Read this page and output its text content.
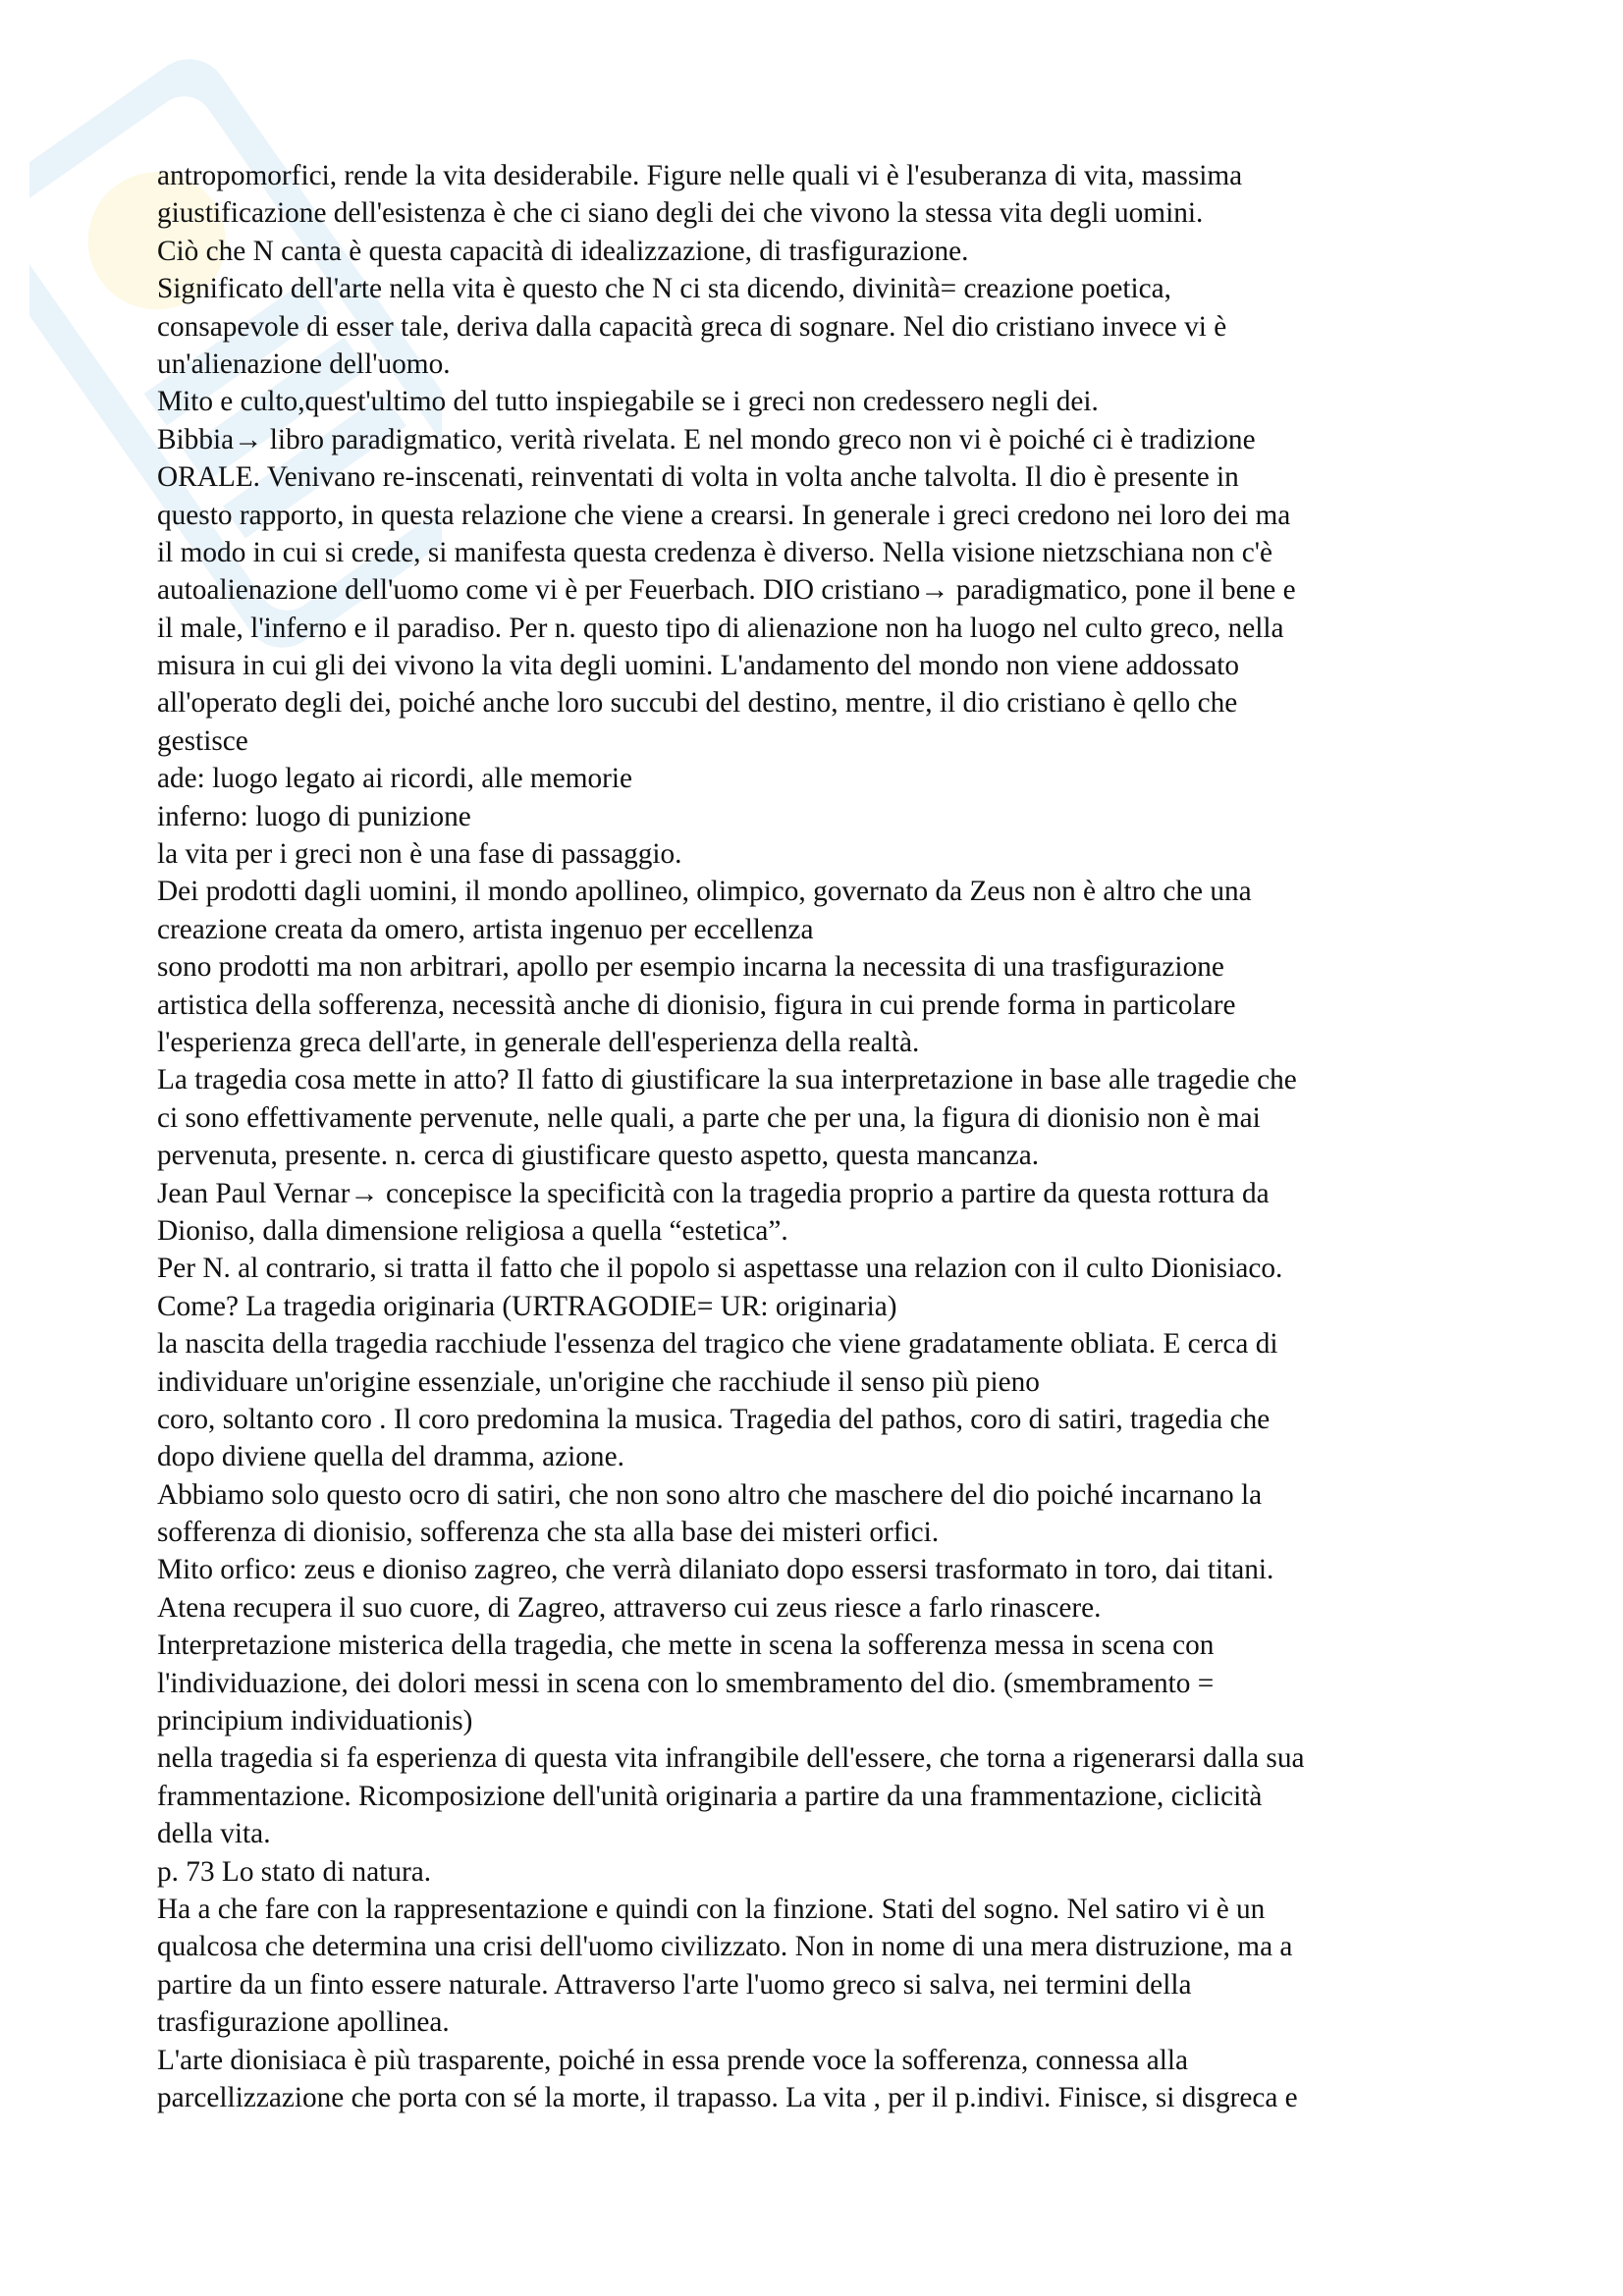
antropomorfici, rende la vita desiderabile. Figure nelle quali vi è l'esuberanza di vita, massima
giustificazione dell'esistenza è che ci siano degli dei che vivono la stessa vita degli uomini.
Ciò che N canta è questa capacità di idealizzazione, di trasfigurazione.
Significato dell'arte nella vita è questo che N ci sta dicendo, divinità= creazione poetica,
consapevole di esser tale, deriva dalla capacità greca di sognare. Nel dio cristiano invece vi è
un'alienazione dell'uomo.
Mito e culto,quest'ultimo del tutto inspiegabile se i greci non credessero negli dei.
Bibbia→ libro paradigmatico, verità rivelata. E nel mondo greco non vi è poiché ci è tradizione
ORALE. Venivano re-inscenati, reinventati di volta in volta anche talvolta. Il dio è presente in
questo rapporto, in questa relazione che viene a crearsi. In generale i greci credono nei loro dei ma
il modo in cui si crede, si manifesta questa credenza è diverso. Nella visione nietzschiana non c'è
autoalienazione dell'uomo come vi è per Feuerbach. DIO cristiano→ paradigmatico, pone il bene e
il male, l'inferno e il paradiso. Per n. questo tipo di alienazione non ha luogo nel culto greco, nella
misura in cui gli dei vivono la vita degli uomini. L'andamento del mondo non viene addossato
all'operato degli dei, poiché anche loro succubi del destino, mentre, il dio cristiano è qello che
gestisce
ade: luogo legato ai ricordi, alle memorie
inferno: luogo di punizione
la vita per i greci non è una fase di passaggio.
Dei prodotti dagli uomini, il mondo apollineo, olimpico, governato da Zeus non è altro che una
creazione creata da omero, artista ingenuo per eccellenza
sono prodotti ma non arbitrari, apollo per esempio incarna la necessita di una trasfigurazione
artistica della sofferenza, necessità anche di dionisio, figura in cui prende forma in particolare
l'esperienza greca dell'arte, in generale dell'esperienza della realtà.
La tragedia cosa mette in atto? Il fatto di giustificare la sua interpretazione in base alle tragedie che
ci sono effettivamente pervenute, nelle quali, a parte che per una, la figura di dionisio non è mai
pervenuta, presente. n. cerca di giustificare questo aspetto, questa mancanza.
Jean Paul Vernar→ concepisce la specificità con la tragedia proprio a partire da questa rottura da
Dioniso, dalla dimensione religiosa a quella “estetica”.
Per N. al contrario, si tratta il fatto che il popolo si aspettasse una relazion con il culto Dionisiaco.
Come? La tragedia originaria (URTRAGODIE= UR: originaria)
la nascita della tragedia racchiude l'essenza del tragico che viene gradatamente obliata. E cerca di
individuare un'origine essenziale, un'origine che racchiude il senso più pieno
coro, soltanto coro . Il coro predomina la musica. Tragedia del pathos, coro di satiri, tragedia che
dopo diviene quella del dramma, azione.
Abbiamo solo questo ocro di satiri, che non sono altro che maschere del dio poiché incarnano la
sofferenza di dionisio, sofferenza che sta alla base dei misteri orfici.
Mito orfico: zeus e dioniso zagreo, che verrà dilaniato dopo essersi trasformato in toro, dai titani.
Atena recupera il suo cuore, di Zagreo, attraverso cui zeus riesce a farlo rinascere.
Interpretazione misterica della tragedia, che mette in scena la sofferenza messa in scena con
l'individuazione, dei dolori messi in scena con lo smembramento del dio. (smembramento =
principium individuationis)
nella tragedia si fa esperienza di questa vita infrangibile dell'essere, che torna a rigenerarsi dalla sua
frammentazione. Ricomposizione dell'unità originaria a partire da una frammentazione, ciclicità
della vita.
p. 73 Lo stato di natura.
Ha a che fare con la rappresentazione e quindi con la finzione. Stati del sogno. Nel satiro vi è un
qualcosa che determina una crisi dell'uomo civilizzato. Non in nome di una mera distruzione, ma a
partire da un finto essere naturale. Attraverso l'arte l'uomo greco si salva, nei termini della
trasfigurazione apollinea.
L'arte dionisiaca è più trasparente, poiché in essa prende voce la sofferenza, connessa alla
parcellizzazione che porta con sé la morte, il trapasso. La vita , per il p.indivi. Finisce, si disgreca e
